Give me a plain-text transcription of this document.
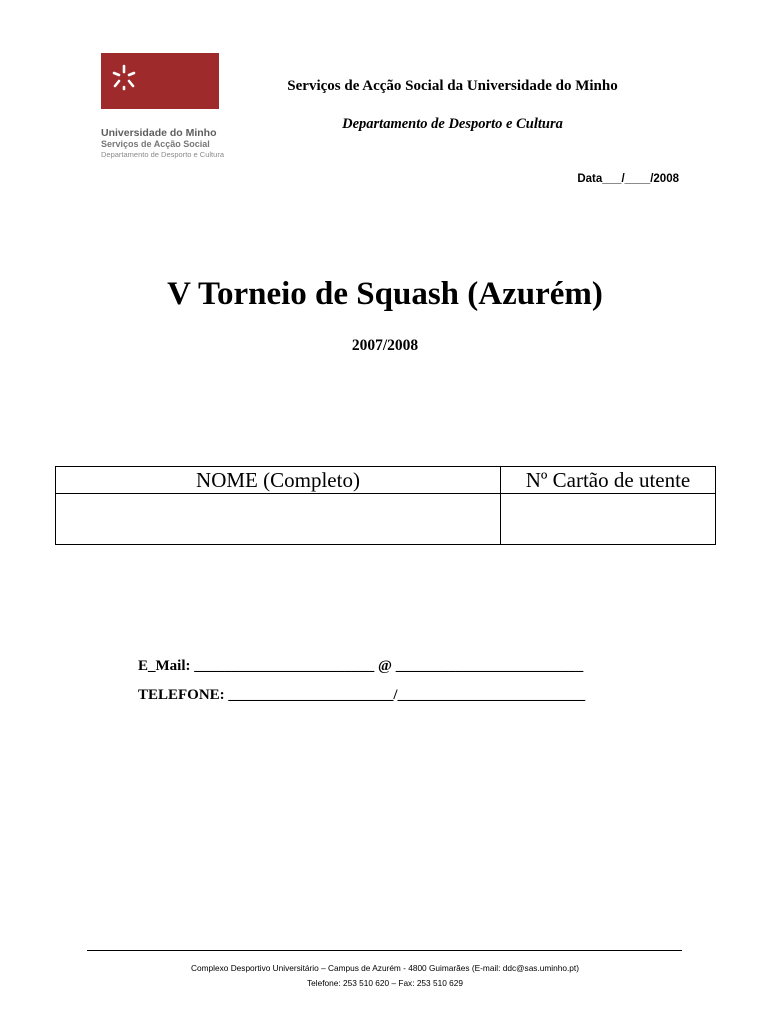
Universidade do Minho
Serviços de Acção Social
Departamento de Desporto e Cultura
Serviços de Acção Social da Universidade do Minho
Departamento de Desporto e Cultura
Data___/____/2008
V Torneio de Squash (Azurém)
2007/2008
NOME (Completo)	Nº Cartão de utente

E_Mail: ________________________ @ _________________________
TELEFONE: ______________________/_________________________
Complexo Desportivo Universitário – Campus de Azurém - 4800 Guimarães (E-mail: ddc@sas.uminho.pt)
Telefone: 253 510 620 – Fax: 253 510 629
